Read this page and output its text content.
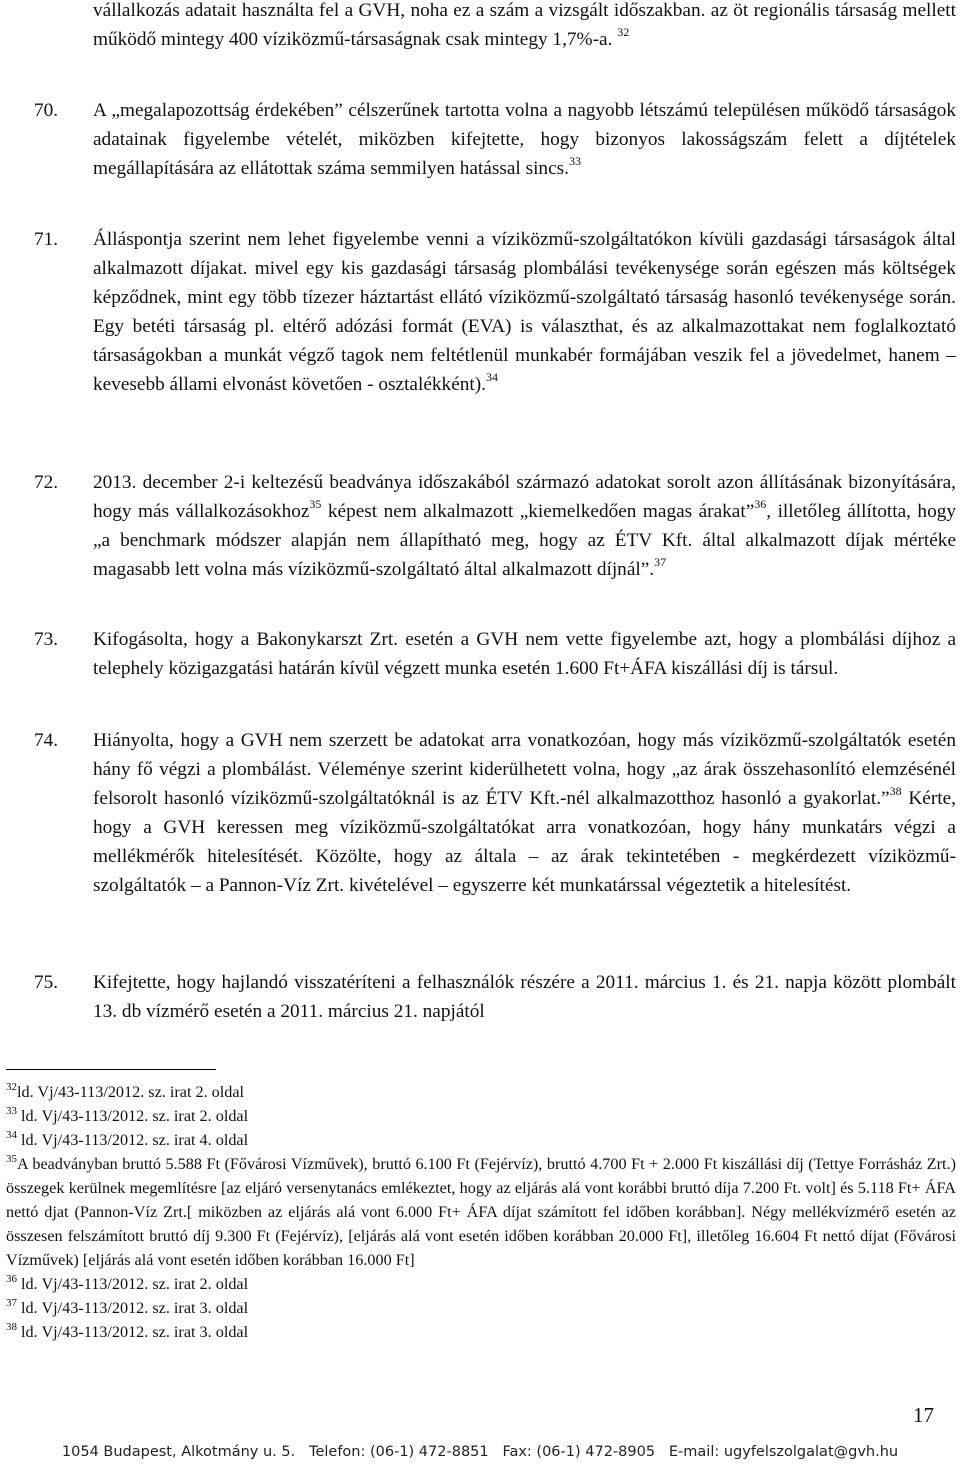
vállalkozás adatait használta fel a GVH, noha ez a szám a vizsgált időszakban. az öt regionális társaság mellett működő mintegy 400 víziközmű-társaságnak csak mintegy 1,7%-a. $^{32}$
70.	A „megalapozottság érdekében” célszerűnek tartotta volna a nagyobb létszámú településen működő társaságok adatainak figyelembe vételét, miközben kifejtette, hogy bizonyos lakosságszám felett a díjtételek megállapítására az ellátottak száma semmilyen hatással sincs.$^{33}$
71.	Álláspontja szerint nem lehet figyelembe venni a víziközmű-szolgáltatókon kívüli gazdasági társaságok által alkalmazott díjakat. mivel egy kis gazdasági társaság plombálási tevékenysége során egészen más költségek képződnek, mint egy több tízezer háztartást ellátó víziközmű-szolgáltató társaság hasonló tevékenysége során. Egy betéti társaság pl. eltérő adózási formát (EVA) is választhat, és az alkalmazottakat nem foglalkoztató társaságokban a munkát végző tagok nem feltétlenül munkabér formájában veszik fel a jövedelmet, hanem – kevesebb állami elvonást követően - osztalékként).$^{34}$
72.	2013. december 2-i keltezésű beadványa időszakából származó adatokat sorolt azon állításának bizonyítására, hogy más vállalkozásokhoz$^{35}$ képest nem alkalmazott „kiemelkedően magas árakat”$^{36}$, illetőleg állította, hogy „a benchmark módszer alapján nem állapítható meg, hogy az ÉTV Kft. által alkalmazott díjak mértéke magasabb lett volna más víziközmű-szolgáltató által alkalmazott díjnál”.$^{37}$
73.	Kifogásolta, hogy a Bakonykarszt Zrt. esetén a GVH nem vette figyelembe azt, hogy a plombálási díjhoz a telephely közigazgatási határán kívül végzett munka esetén 1.600 Ft+ÁFA kiszállási díj is társul.
74.	Hiányolta, hogy a GVH nem szerzett be adatokat arra vonatkozóan, hogy más víziközmű-szolgáltatók esetén hány fő végzi a plombálást. Véleménye szerint kiderülhetett volna, hogy „az árak összehasonlító elemzésénél felsorolt hasonló víziközmű-szolgáltatóknál is az ÉTV Kft.-nél alkalmazotthoz hasonló a gyakorlat.”$^{38}$ Kérte, hogy a GVH keressen meg víziközmű-szolgáltatókat arra vonatkozóan, hogy hány munkatárs végzi a mellékmérők hitelesítését. Közölte, hogy az általa – az árak tekintetében - megkérdezett víziközmű-szolgáltatók – a Pannon-Víz Zrt. kivételével – egyszerre két munkatárssal végeztetik a hitelesítést.
75.	Kifejtette, hogy hajlandó visszatéríteni a felhasználók részére a 2011. március 1. és 21. napja között plombált 13. db vízmérő esetén a 2011. március 21. napjától
$^{32}$ld. Vj/43-113/2012. sz. irat 2. oldal
$^{33}$ ld. Vj/43-113/2012. sz. irat 2. oldal
$^{34}$ ld. Vj/43-113/2012. sz. irat 4. oldal
$^{35}$A beadványban bruttó 5.588 Ft (Fővárosi Vízművek), bruttó 6.100 Ft (Fejérvíz), bruttó 4.700 Ft + 2.000 Ft kiszállási díj (Tettye Forrásház Zrt.) összegek kerülnek megemlítésre [az eljáró versenytanács emlékeztet, hogy az eljárás alá vont korábbi bruttó díja 7.200 Ft. volt] és 5.118 Ft+ ÁFA nettó djat (Pannon-Víz Zrt.[ miközben az eljárás alá vont 6.000 Ft+ ÁFA díjat számított fel időben korábban]. Négy mellékvízmérő esetén az összesen felszámított bruttó díj 9.300 Ft (Fejérvíz), [eljárás alá vont esetén időben korábban 20.000 Ft], illetőleg 16.604 Ft nettó díjat (Fővárosi Vízművek) [eljárás alá vont esetén időben korábban 16.000 Ft]
$^{36}$ ld. Vj/43-113/2012. sz. irat 2. oldal
$^{37}$ ld. Vj/43-113/2012. sz. irat 3. oldal
$^{38}$ ld. Vj/43-113/2012. sz. irat 3. oldal
17
1054 Budapest, Alkotmány u. 5.   Telefon: (06-1) 472-8851   Fax: (06-1) 472-8905   E-mail: ugyfelszolgalat@gvh.hu
